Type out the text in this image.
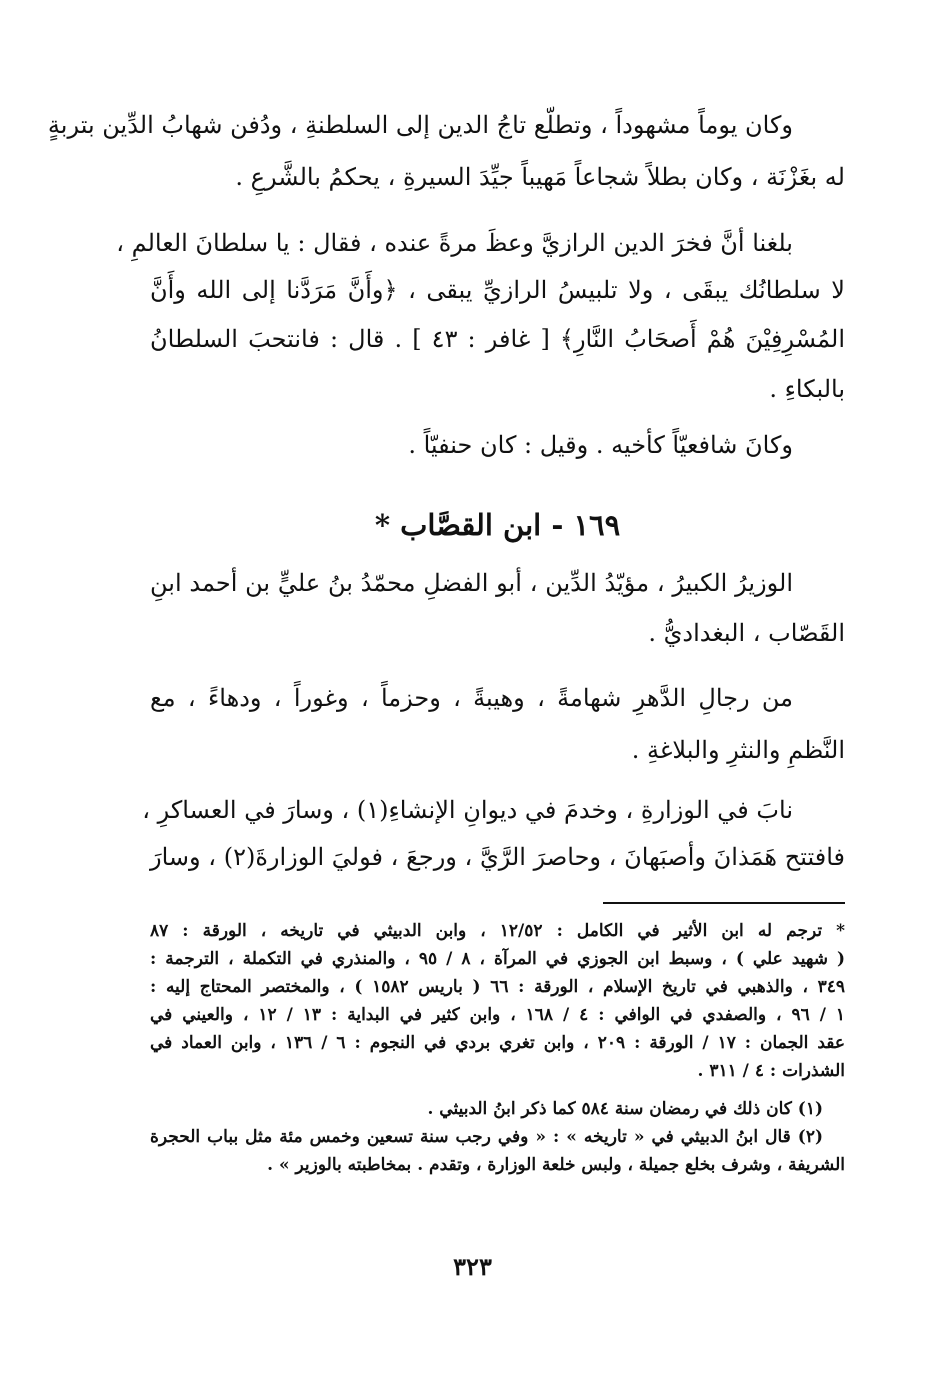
وكان يوماً مشهوداً ، وتطلّع تاجُ الدين إلى السلطنةِ ، ودُفن شهابُ الدِّين بتربةٍ
له بغَزْنَة ، وكان بطلاً شجاعاً مَهيباً جيِّدَ السيرةِ ، يحكمُ بالشَّرعِ .
بلغنا أنَّ فخرَ الدين الرازيَّ وعظَ مرةً عنده ، فقال : يا سلطانَ العالمِ ،
لا سلطانُك يبقَى ، ولا تلبيسُ الرازيِّ يبقى ، ﴿وأَنَّ مَرَدَّنا إلى الله وأَنَّ
المُسْرِفِيْنَ هُمْ أَصحَابُ النَّارِ﴾ [ غافر : ٤٣ ] . قال : فانتحبَ السلطانُ
بالبكاءِ .
وكانَ شافعيّاً كأخيه . وقيل : كان حنفيّاً .
١٦٩ - ابن القصَّاب *
الوزيرُ الكبيرُ ، مؤيّدُ الدِّين ، أبو الفضلِ محمّدُ بنُ عليٍّ بن أحمد ابنِ
القَصّاب ، البغداديُّ .
من رجالِ الدَّهرِ شهامةً ، وهيبةً ، وحزماً ، وغوراً ، ودهاءً ، مع
النَّظمِ والنثرِ والبلاغةِ .
نابَ في الوزارةِ ، وخدمَ في ديوانِ الإنشاءِ(١) ، وسارَ في العساكرِ ،
فافتتح هَمَذانَ وأصبَهانَ ، وحاصرَ الرَّيَّ ، ورجعَ ، فوليَ الوزارةَ(٢) ، وسارَ
* ترجم له ابن الأثير في الكامل : ١٢/٥٢ ، وابن الدبيثي في تاريخه ، الورقة : ٨٧
( شهيد علي ) ، وسبط ابن الجوزي في المرآة ، ٨ / ٩٥ ، والمنذري في التكملة ، الترجمة :
٣٤٩ ، والذهبي في تاريخ الإسلام ، الورقة : ٦٦ ( باريس ١٥٨٢ ) ، والمختصر المحتاج إليه :
١ / ٩٦ ، والصفدي في الوافي : ٤ / ١٦٨ ، وابن كثير في البداية : ١٣ / ١٢ ، والعيني في
عقد الجمان : ١٧ / الورقة : ٢٠٩ ، وابن تغري بردي في النجوم : ٦ / ١٣٦ ، وابن العماد في
الشذرات : ٤ / ٣١١ .
(١) كان ذلك في رمضان سنة ٥٨٤ كما ذكر ابنُ الدبيثي .
(٢) قال ابنُ الدبيثي في « تاريخه » : « وفي رجب سنة تسعين وخمس مئة مثل بباب الحجرة
الشريفة ، وشرف بخلع جميلة ، ولبس خلعة الوزارة ، وتقدم . بمخاطبته بالوزير » .
٣٢٣
